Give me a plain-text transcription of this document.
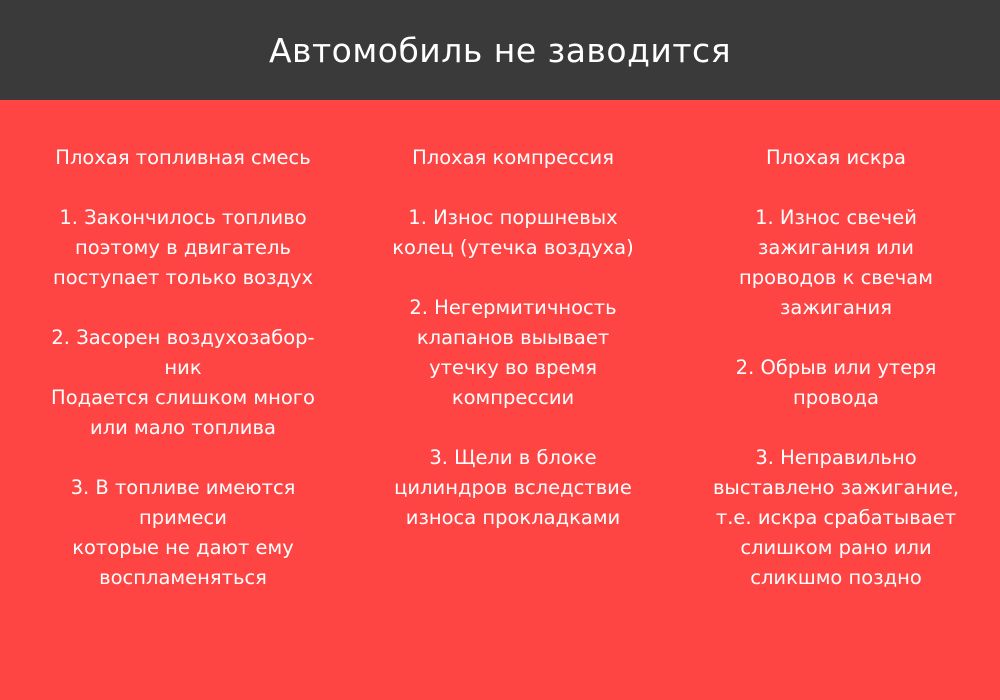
Автомобиль не заводится

Плохая топливная смесь

1. Закончилось топливо
поэтому в двигатель
поступает только воздух

2. Засорен воздухозабор-
ник
Подается слишком много
или мало топлива

3. В топливе имеются
примеси
которые не дают ему
воспламеняться

Плохая компрессия

1. Износ поршневых
колец (утечка воздуха)

2. Негермитичность
клапанов выывает
утечку во время
компрессии

3. Щели в блоке
цилиндров вследствие
износа прокладками

Плохая искра

1. Износ свечей
зажигания или
проводов к свечам
зажигания

2. Обрыв или утеря
провода

3. Неправильно
выставлено зажигание,
т.е. искра срабатывает
слишком рано или
сликшмо поздно
